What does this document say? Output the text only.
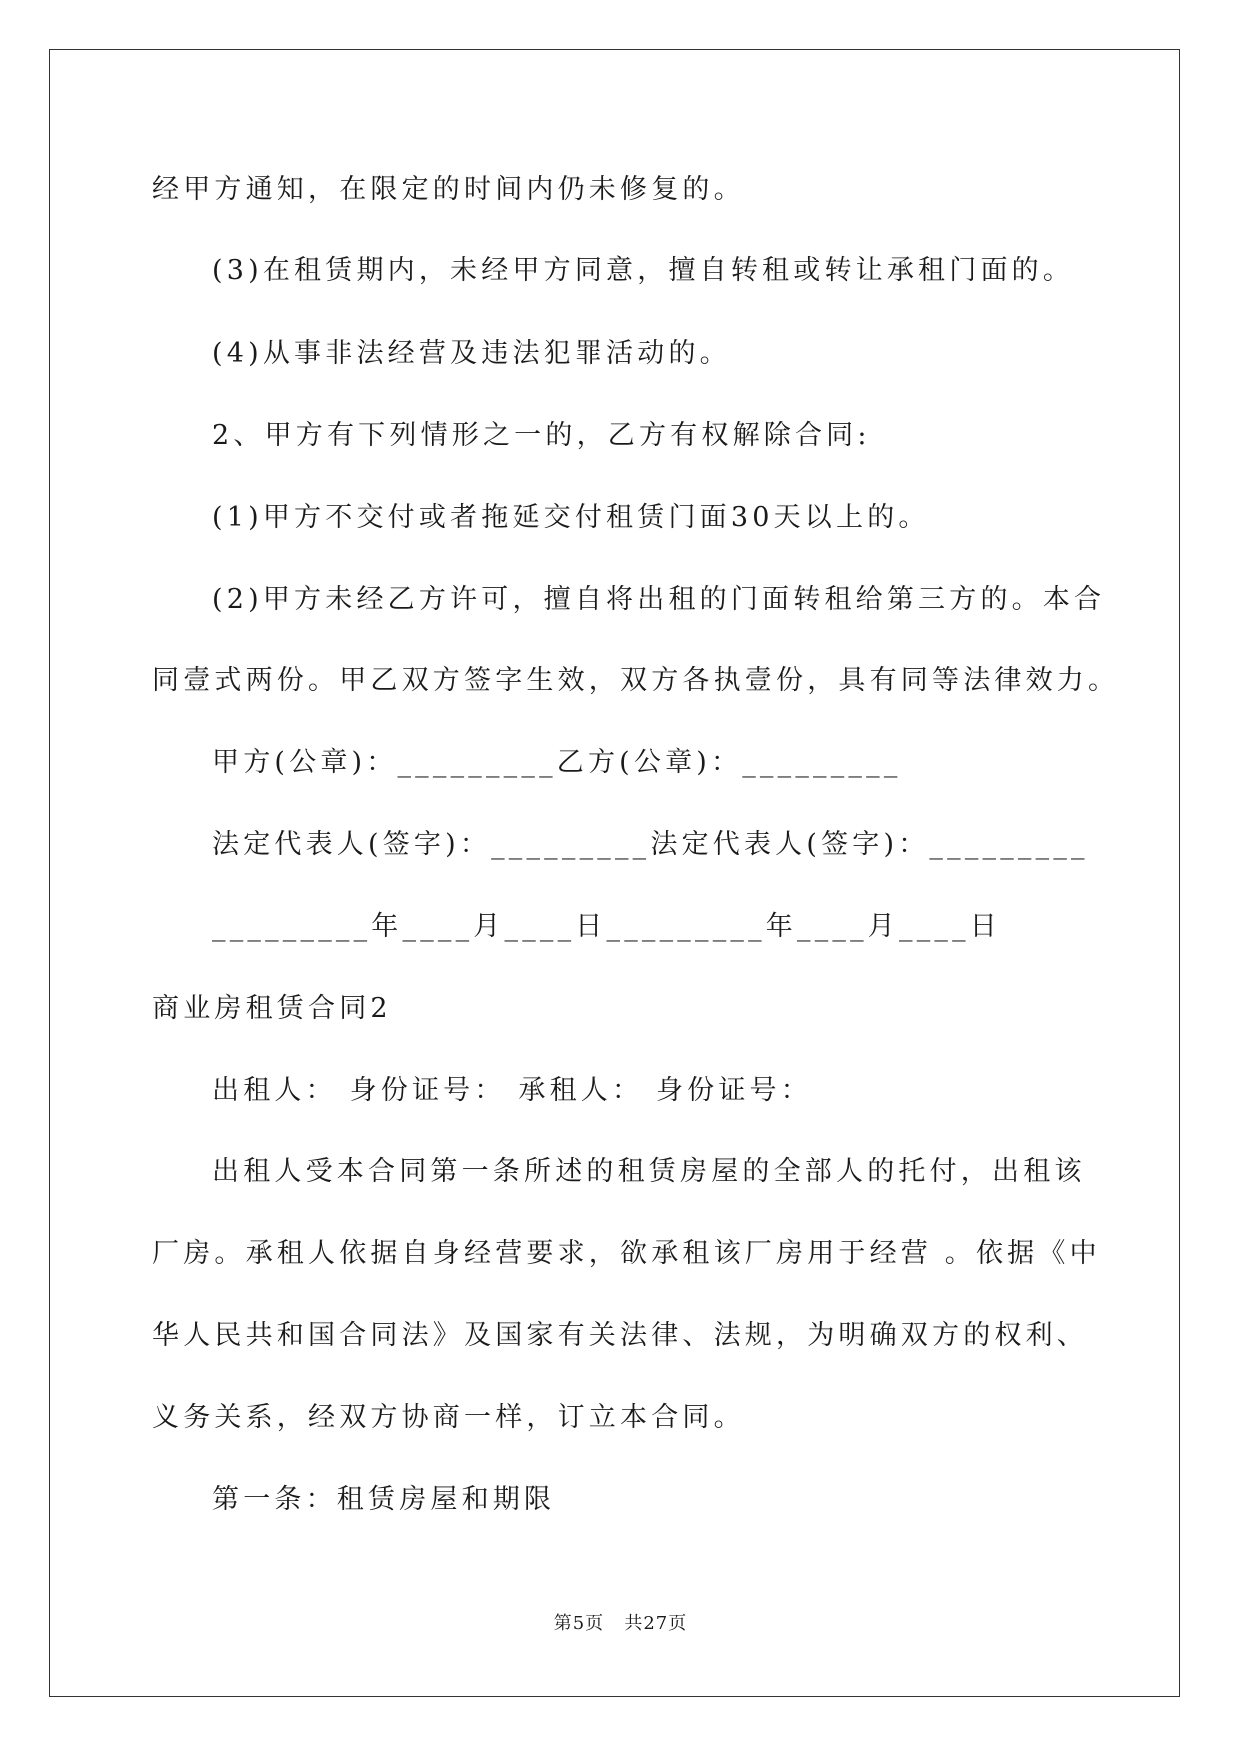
经甲方通知，在限定的时间内仍未修复的。
(3)在租赁期内，未经甲方同意，擅自转租或转让承租门面的。
(4)从事非法经营及违法犯罪活动的。
2、甲方有下列情形之一的，乙方有权解除合同:
(1)甲方不交付或者拖延交付租赁门面30天以上的。
(2)甲方未经乙方许可，擅自将出租的门面转租给第三方的。本合
同壹式两份。甲乙双方签字生效，双方各执壹份，具有同等法律效力。
甲方(公章)：_________乙方(公章)：_________
法定代表人(签字)：_________法定代表人(签字)：_________
_________年____月____日_________年____月____日
商业房租赁合同2
出租人： 身份证号： 承租人： 身份证号：
出租人受本合同第一条所述的租赁房屋的全部人的托付，出租该
厂房。承租人依据自身经营要求，欲承租该厂房用于经营 。依据《中
华人民共和国合同法》及国家有关法律、法规，为明确双方的权利、
义务关系，经双方协商一样，订立本合同。
第一条：租赁房屋和期限
第5页   共27页
